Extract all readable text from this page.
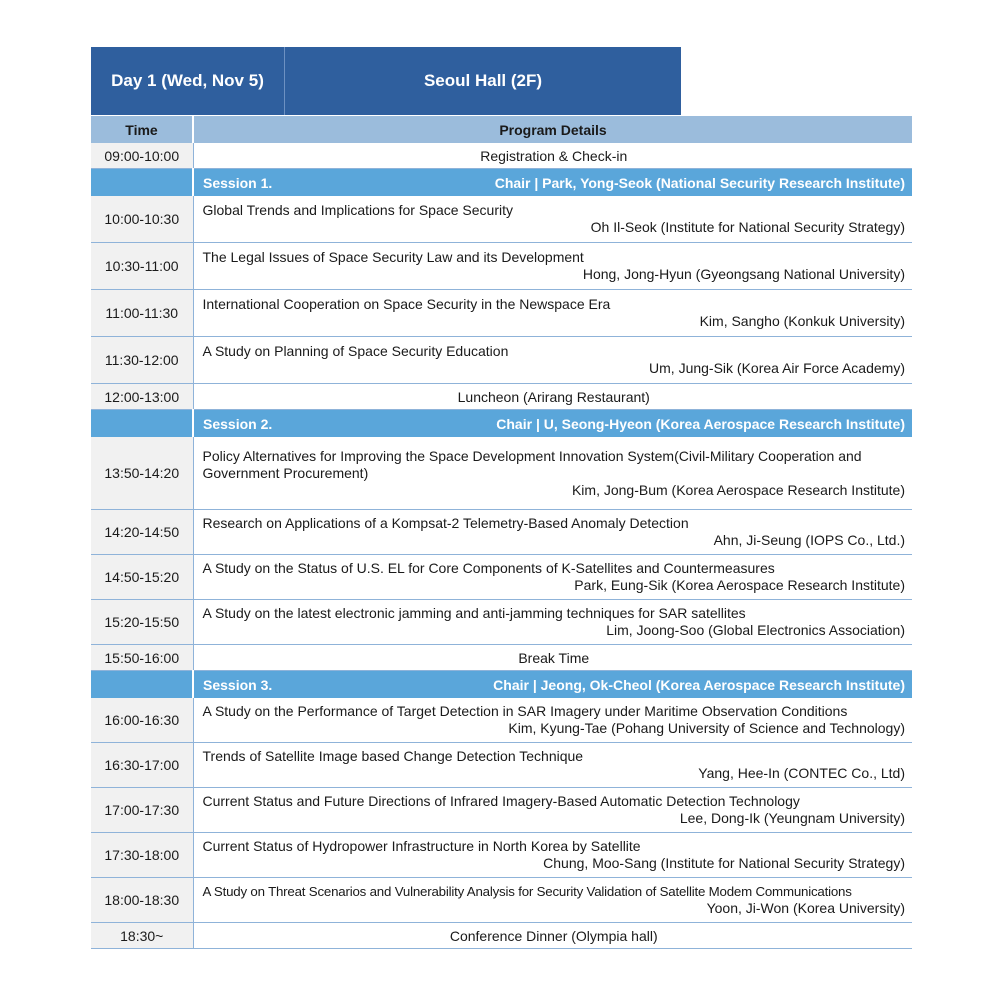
Day 1 (Wed, Nov 5)	Seoul Hall (2F)
Time	Program Details
09:00-10:00	Registration & Check-in

	Session 1. Chair | Park, Yong-Seok (National Security Research Institute)

10:00-10:30	Global Trends and Implications for Space Security
Oh Il-Seok (Institute for National Security Strategy)

10:30-11:00	The Legal Issues of Space Security Law and its Development
Hong, Jong-Hyun (Gyeongsang National University)

11:00-11:30	International Cooperation on Space Security in the Newspace Era
Kim, Sangho (Konkuk University)

11:30-12:00	A Study on Planning of Space Security Education
Um, Jung-Sik (Korea Air Force Academy)

12:00-13:00	Luncheon (Arirang Restaurant)

	Session 2. Chair | U, Seong-Hyeon (Korea Aerospace Research Institute)

13:50-14:20	Policy Alternatives for Improving the Space Development Innovation System(Civil-Military Cooperation and Government Procurement)
Kim, Jong-Bum (Korea Aerospace Research Institute)

14:20-14:50	Research on Applications of a Kompsat-2 Telemetry-Based Anomaly Detection
Ahn, Ji-Seung (IOPS Co., Ltd.)

14:50-15:20	A Study on the Status of U.S. EL for Core Components of K-Satellites and Countermeasures
Park, Eung-Sik (Korea Aerospace Research Institute)

15:20-15:50	A Study on the latest electronic jamming and anti-jamming techniques for SAR satellites
Lim, Joong-Soo (Global Electronics Association)

15:50-16:00	Break Time

	Session 3. Chair | Jeong, Ok-Cheol (Korea Aerospace Research Institute)

16:00-16:30	A Study on the Performance of Target Detection in SAR Imagery under Maritime Observation Conditions
Kim, Kyung-Tae (Pohang University of Science and Technology)

16:30-17:00	Trends of Satellite Image based Change Detection Technique
Yang, Hee-In (CONTEC Co., Ltd)

17:00-17:30	Current Status and Future Directions of Infrared Imagery-Based Automatic Detection Technology
Lee, Dong-Ik (Yeungnam University)

17:30-18:00	Current Status of Hydropower Infrastructure in North Korea by Satellite
Chung, Moo-Sang (Institute for National Security Strategy)

18:00-18:30	A Study on Threat Scenarios and Vulnerability Analysis for Security Validation of Satellite Modem Communications
Yoon, Ji-Won (Korea University)

18:30~	Conference Dinner (Olympia hall)
